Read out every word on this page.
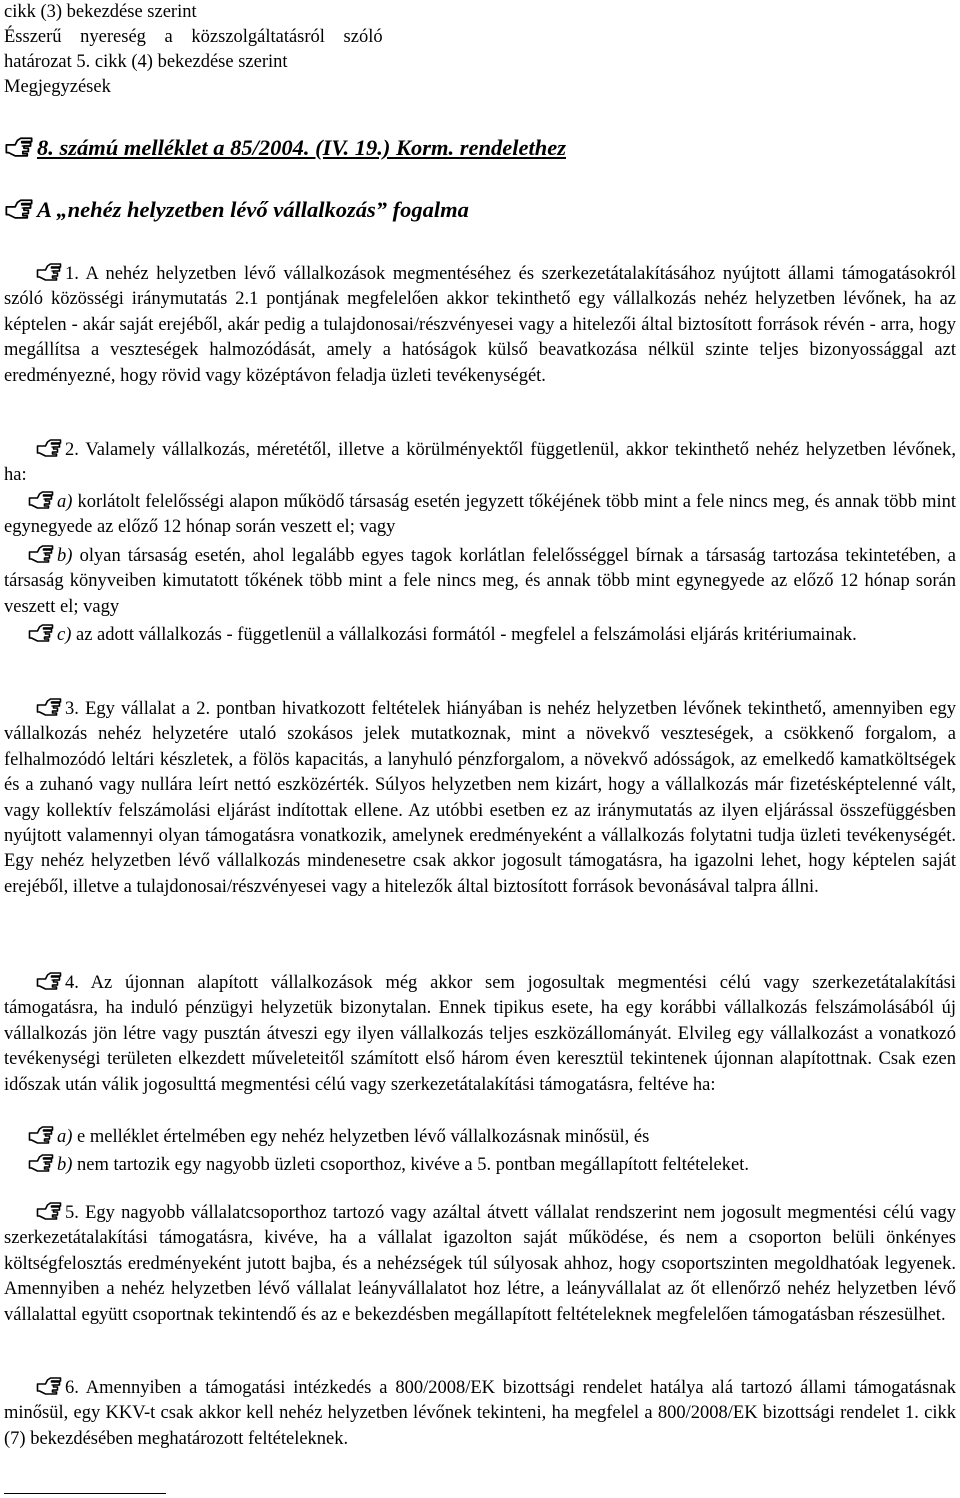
cikk (3) bekezdése szerint
Ésszerű nyereség a közszolgáltatásról szóló
határozat 5. cikk (4) bekezdése szerint
Megjegyzések
8. számú melléklet a 85/2004. (IV. 19.) Korm. rendelethez
A „nehéz helyzetben lévő vállalkozás” fogalma
1. A nehéz helyzetben lévő vállalkozások megmentéséhez és szerkezetátalakításához nyújtott állami támogatásokról szóló közösségi iránymutatás 2.1 pontjának megfelelően akkor tekinthető egy vállalkozás nehéz helyzetben lévőnek, ha az képtelen - akár saját erejéből, akár pedig a tulajdonosai/részvényesei vagy a hitelezői által biztosított források révén - arra, hogy megállítsa a veszteségek halmozódását, amely a hatóságok külső beavatkozása nélkül szinte teljes bizonyossággal azt eredményezné, hogy rövid vagy középtávon feladja üzleti tevékenységét.
2. Valamely vállalkozás, méretétől, illetve a körülményektől függetlenül, akkor tekinthető nehéz helyzetben lévőnek, ha:
a) korlátolt felelősségi alapon működő társaság esetén jegyzett tőkéjének több mint a fele nincs meg, és annak több mint egynegyede az előző 12 hónap során veszett el; vagy
b) olyan társaság esetén, ahol legalább egyes tagok korlátlan felelősséggel bírnak a társaság tartozása tekintetében, a társaság könyveiben kimutatott tőkének több mint a fele nincs meg, és annak több mint egynegyede az előző 12 hónap során veszett el; vagy
c) az adott vállalkozás - függetlenül a vállalkozási formától - megfelel a felszámolási eljárás kritériumainak.
3. Egy vállalat a 2. pontban hivatkozott feltételek hiányában is nehéz helyzetben lévőnek tekinthető, amennyiben egy vállalkozás nehéz helyzetére utaló szokásos jelek mutatkoznak, mint a növekvő veszteségek, a csökkenő forgalom, a felhalmozódó leltári készletek, a fölös kapacitás, a lanyhuló pénzforgalom, a növekvő adósságok, az emelkedő kamatköltségek és a zuhanó vagy nullára leírt nettó eszközérték. Súlyos helyzetben nem kizárt, hogy a vállalkozás már fizetésképtelenné vált, vagy kollektív felszámolási eljárást indítottak ellene. Az utóbbi esetben ez az iránymutatás az ilyen eljárással összefüggésben nyújtott valamennyi olyan támogatásra vonatkozik, amelynek eredményeként a vállalkozás folytatni tudja üzleti tevékenységét. Egy nehéz helyzetben lévő vállalkozás mindenesetre csak akkor jogosult támogatásra, ha igazolni lehet, hogy képtelen saját erejéből, illetve a tulajdonosai/részvényesei vagy a hitelezők által biztosított források bevonásával talpra állni.
4. Az újonnan alapított vállalkozások még akkor sem jogosultak megmentési célú vagy szerkezetátalakítási támogatásra, ha induló pénzügyi helyzetük bizonytalan. Ennek tipikus esete, ha egy korábbi vállalkozás felszámolásából új vállalkozás jön létre vagy pusztán átveszi egy ilyen vállalkozás teljes eszközállományát. Elvileg egy vállalkozást a vonatkozó tevékenységi területen elkezdett műveleteitől számított első három éven keresztül tekintenek újonnan alapítottnak. Csak ezen időszak után válik jogosulttá megmentési célú vagy szerkezetátalakítási támogatásra, feltéve ha:
a) e melléklet értelmében egy nehéz helyzetben lévő vállalkozásnak minősül, és
b) nem tartozik egy nagyobb üzleti csoporthoz, kivéve a 5. pontban megállapított feltételeket.
5. Egy nagyobb vállalatcsoporthoz tartozó vagy azáltal átvett vállalat rendszerint nem jogosult megmentési célú vagy szerkezetátalakítási támogatásra, kivéve, ha a vállalat igazolton saját működése, és nem a csoporton belüli önkényes költségfelosztás eredményeként jutott bajba, és a nehézségek túl súlyosak ahhoz, hogy csoportszinten megoldhatóak legyenek. Amennyiben a nehéz helyzetben lévő vállalat leányvállalatot hoz létre, a leányvállalat az őt ellenőrző nehéz helyzetben lévő vállalattal együtt csoportnak tekintendő és az e bekezdésben megállapított feltételeknek megfelelően támogatásban részesülhet.
6. Amennyiben a támogatási intézkedés a 800/2008/EK bizottsági rendelet hatálya alá tartozó állami támogatásnak minősül, egy KKV-t csak akkor kell nehéz helyzetben lévőnek tekinteni, ha megfelel a 800/2008/EK bizottsági rendelet 1. cikk (7) bekezdésében meghatározott feltételeknek.
